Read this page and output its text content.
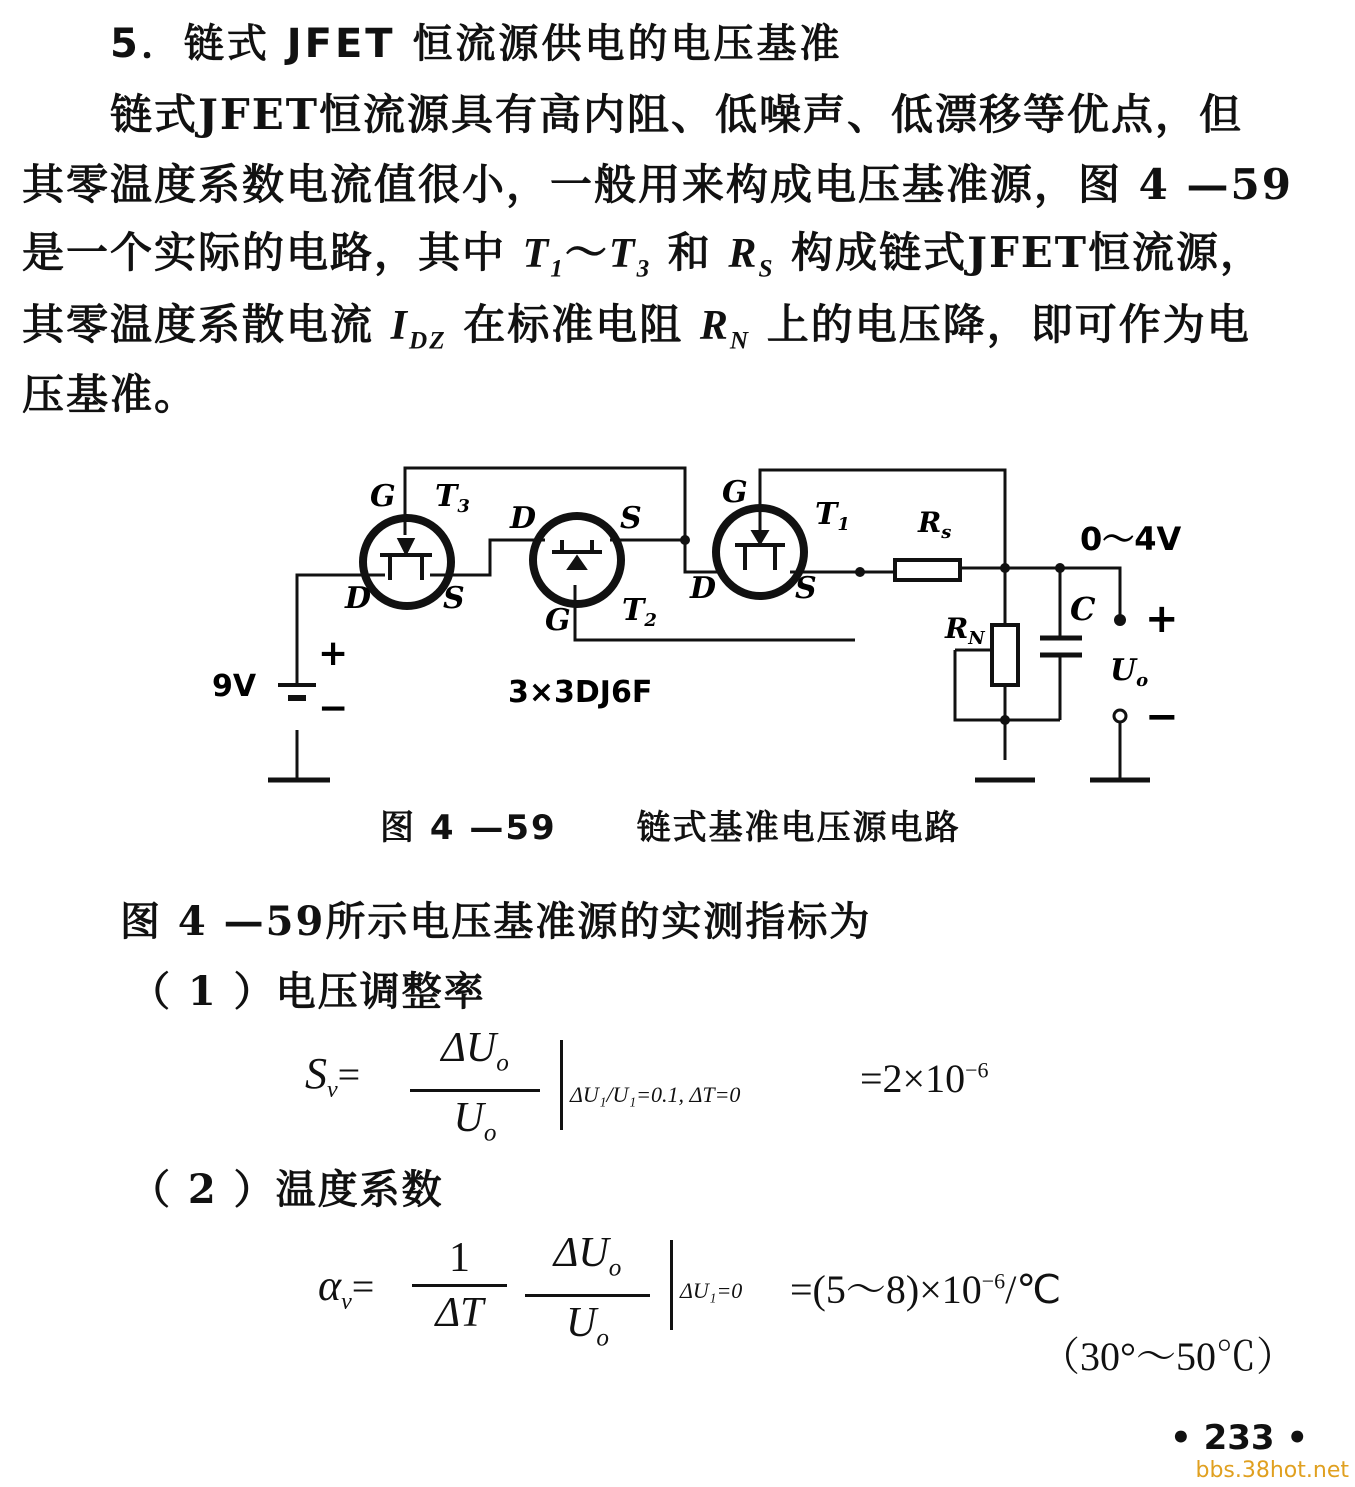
5．链式 JFET 恒流源供电的电压基准
链式JFET恒流源具有高内阻、低噪声、低漂移等优点，但
其零温度系数电流值很小，一般用来构成电压基准源，图 4 —59
是一个实际的电路，其中 $T_1\sim T_3$ 和 $R_S$ 构成链式JFET恒流源，
其零温度系散电流 $I_{DZ}$ 在标准电阻 $R_N$ 上的电压降，即可作为电
压基准。
G $T_3$
D S
D	S
G $T_2$
G
$T_1$
D	S
$R_s$
$R_N$
C
0～4V
+
−
$U_o$
9V
+
−	3×3DJ6F
图 4 —59 链式基准电压源电路
图 4 —59所示电压基准源的实测指标为
（ 1 ）电压调整率
$S_v=$
$\Delta U_o$
$U_o$
ΔU₁/U₁=0.1, ΔT=0	$=2\times 10^{-6}$
（ 2 ）温度系数
$\alpha_v=$
1
ΔT
$\Delta U_o$
$U_o$
$\Delta U_1=0 =(5\sim 8)\times 10^{-6}/℃$
（30°～50℃）
• 233 •
bbs.38hot.net
